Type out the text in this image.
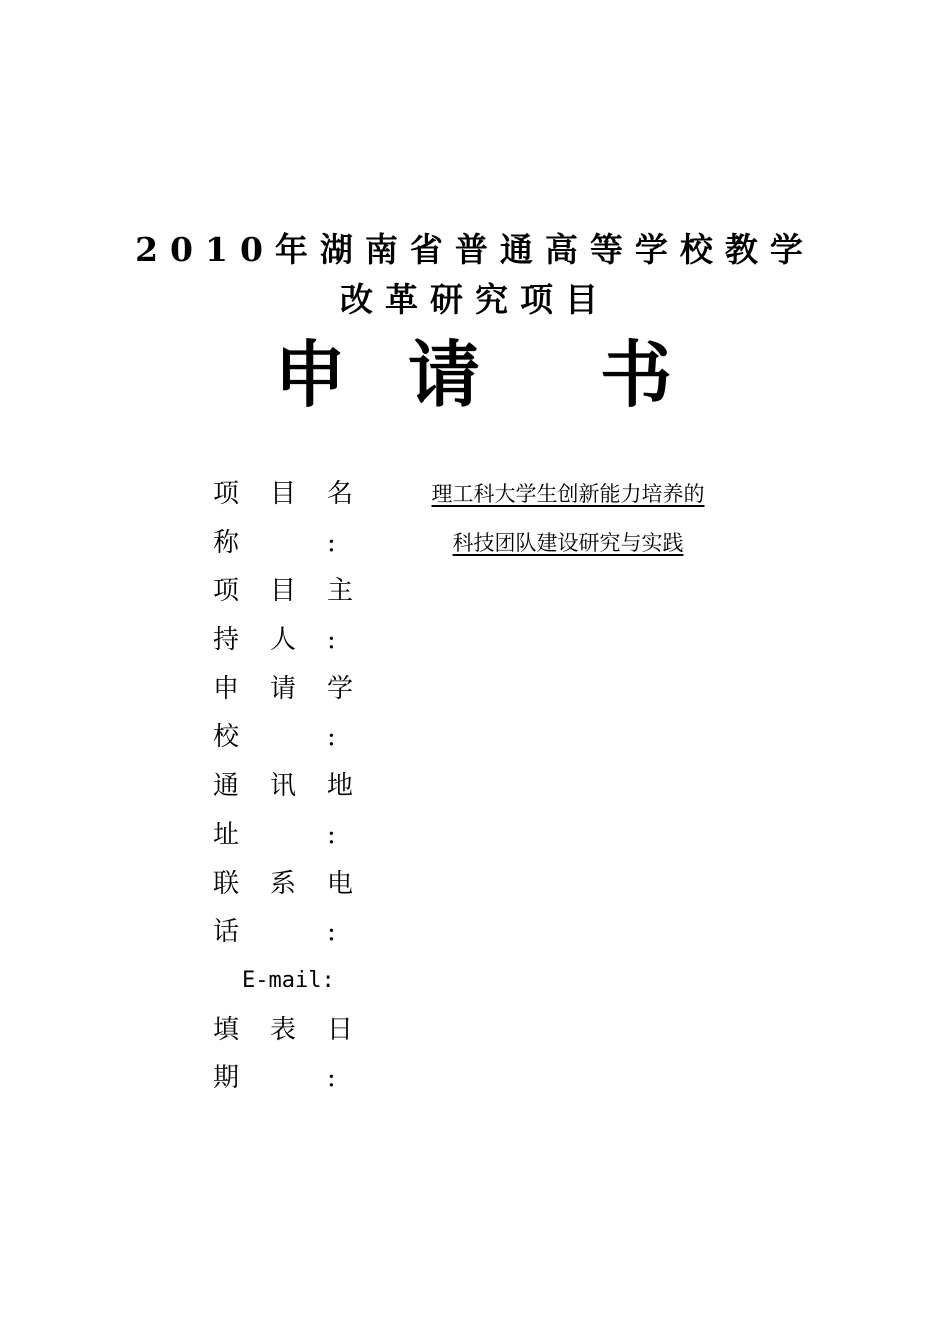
2010年湖南省普通高等学校教学
改革研究项目
申 请 书
项 目 名	理工科大学生创新能力培养的
称	:	科技团队建设研究与实践
项 目 主
持 人 :
申 请 学
校	:
通 讯 地
址	:
联 系 电
话	:
E-mail:
填 表 日
期	:
